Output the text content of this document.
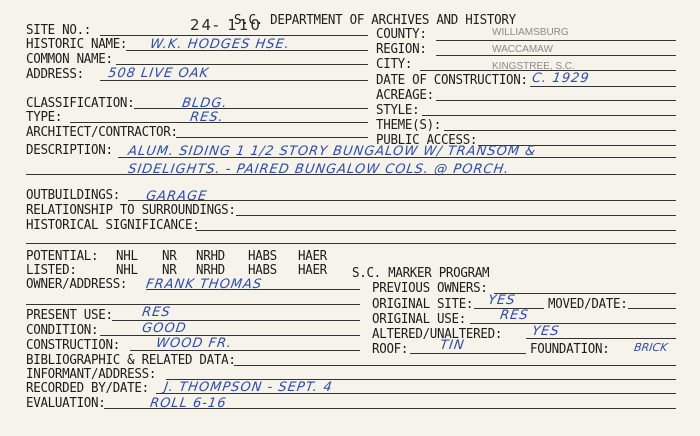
S.C. DEPARTMENT OF ARCHIVES AND HISTORY
SITE NO.:	24- 110
HISTORIC NAME: W.K. HODGES HSE.
COMMON NAME:
ADDRESS: 508 LIVE OAK
CLASSIFICATION:	BLDG.
TYPE:	RES.
ARCHITECT/CONTRACTOR:
COUNTY:	WILLIAMSBURG
REGION:	WACCAMAW
CITY:	KINGSTREE, S.C.
DATE OF CONSTRUCTION: C. 1929
ACREAGE:
STYLE:
THEME(S):
PUBLIC ACCESS:
DESCRIPTION: ALUM. SIDING 1 1/2 STORY BUNGALOW W/ TRANSOM &
SIDELIGHTS. - PAIRED BUNGALOW COLS. @ PORCH.
OUTBUILDINGS: GARAGE
RELATIONSHIP TO SURROUNDINGS:
HISTORICAL SIGNIFICANCE:
POTENTIAL: NHL NR NRHD HABS HAER
LISTED:	NHL NR NRHD HABS HAER S.C. MARKER PROGRAM
OWNER/ADDRESS: FRANK THOMAS	PREVIOUS OWNERS:
ORIGINAL SITE: YES	MOVED/DATE:
PRESENT USE: RES	ORIGINAL USE:	RES
CONDITION:	GOOD	ALTERED/UNALTERED: YES
CONSTRUCTION:	WOOD FR.	ROOF: TIN	FOUNDATION: BRICK
BIBLIOGRAPHIC & RELATED DATA:
INFORMANT/ADDRESS:
RECORDED BY/DATE: J. THOMPSON - SEPT. 4
EVALUATION:	ROLL 6-16
